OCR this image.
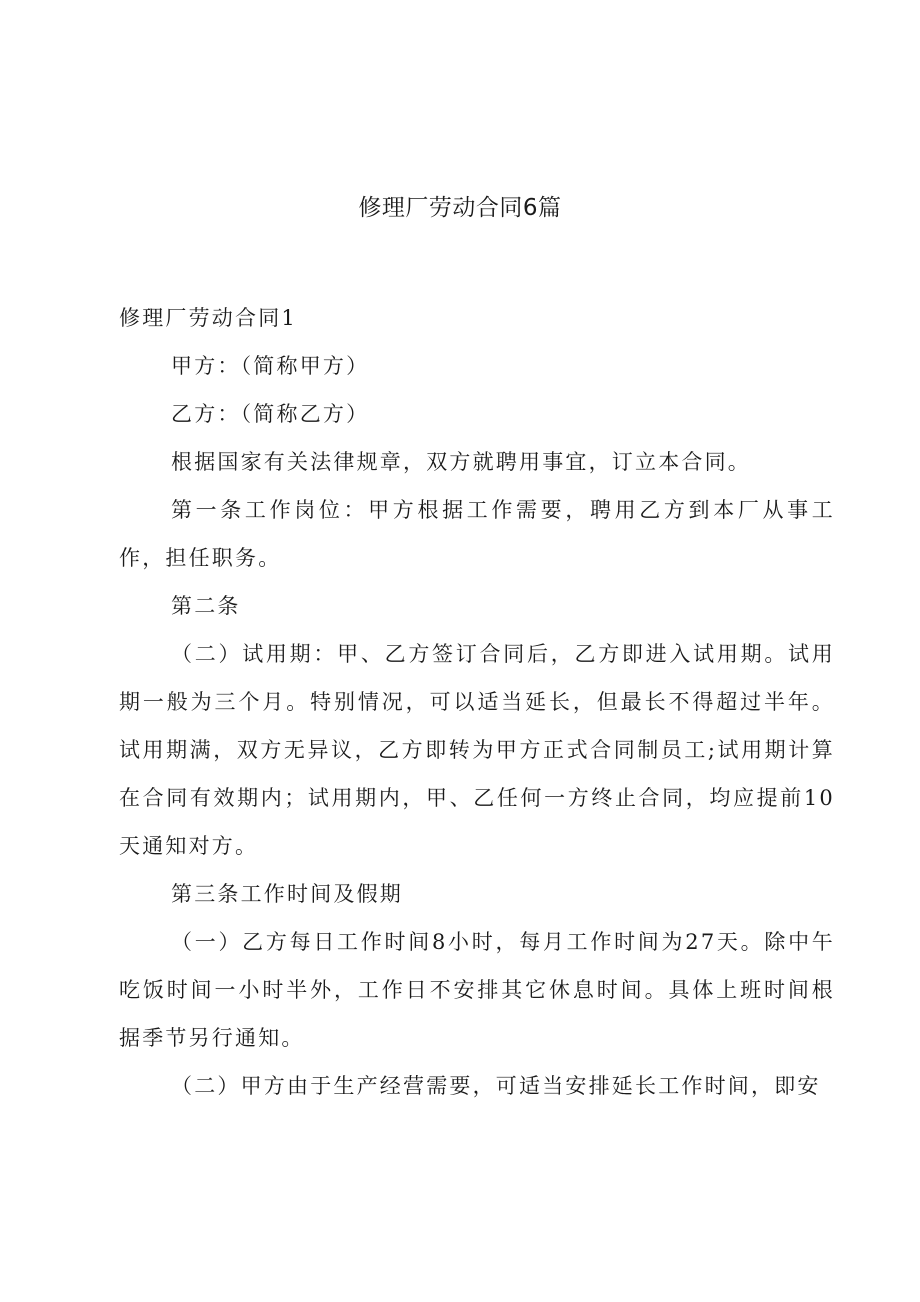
修理厂劳动合同6篇

修理厂劳动合同1

甲方：（简称甲方）

乙方：（简称乙方）

根据国家有关法律规章，双方就聘用事宜，订立本合同。

第一条工作岗位：甲方根据工作需要，聘用乙方到本厂从事工作，担任职务。

第二条

（二）试用期：甲、乙方签订合同后，乙方即进入试用期。试用期一般为三个月。特别情况，可以适当延长，但最长不得超过半年。试用期满，双方无异议，乙方即转为甲方正式合同制员工;试用期计算在合同有效期内；试用期内，甲、乙任何一方终止合同，均应提前10天通知对方。

第三条工作时间及假期

（一）乙方每日工作时间8小时，每月工作时间为27天。除中午吃饭时间一小时半外，工作日不安排其它休息时间。具体上班时间根据季节另行通知。

（二）甲方由于生产经营需要，可适当安排延长工作时间，即安
